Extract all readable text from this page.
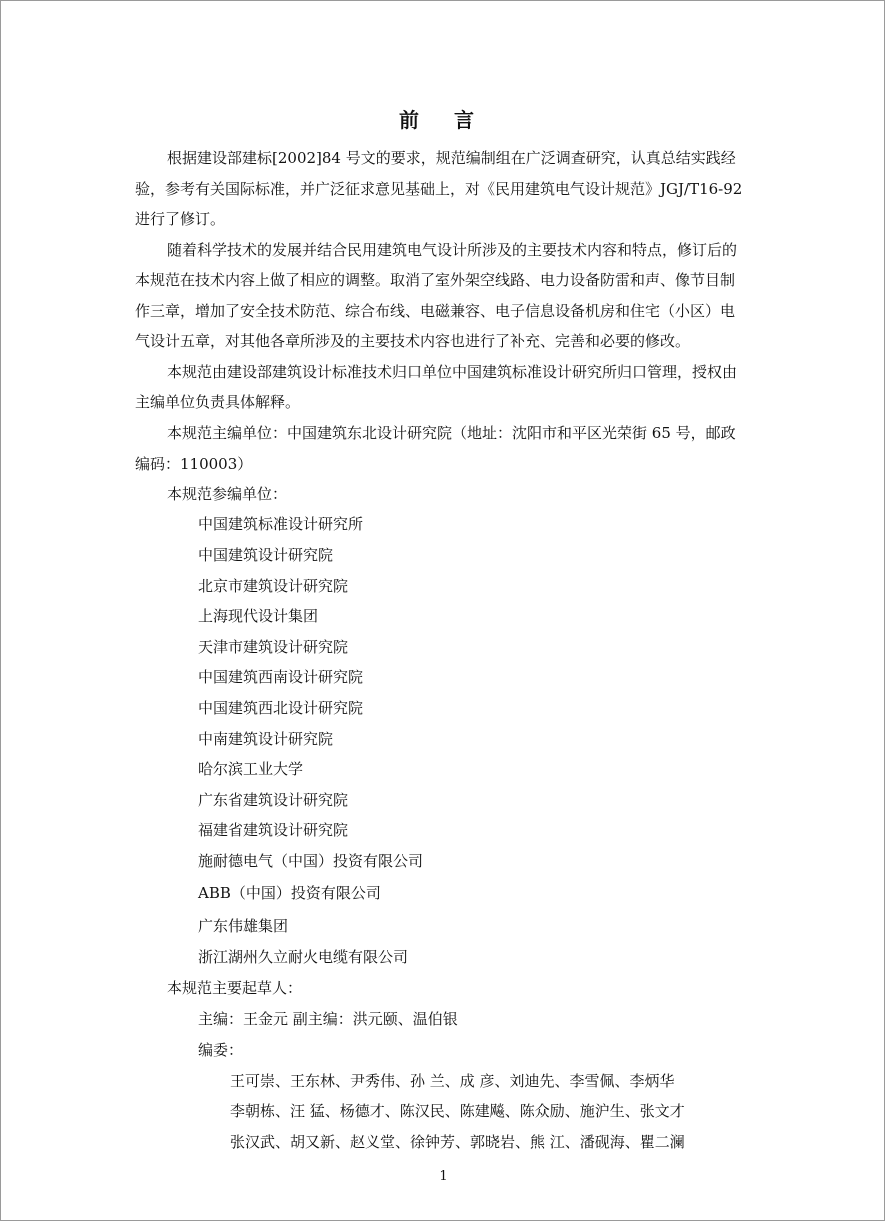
前 言
根据建设部建标[2002]84 号文的要求，规范编制组在广泛调查研究，认真总结实践经
验，参考有关国际标准，并广泛征求意见基础上，对《民用建筑电气设计规范》JGJ/T16-92
进行了修订。
随着科学技术的发展并结合民用建筑电气设计所涉及的主要技术内容和特点，修订后的
本规范在技术内容上做了相应的调整。取消了室外架空线路、电力设备防雷和声、像节目制
作三章，增加了安全技术防范、综合布线、电磁兼容、电子信息设备机房和住宅（小区）电
气设计五章，对其他各章所涉及的主要技术内容也进行了补充、完善和必要的修改。
本规范由建设部建筑设计标准技术归口单位中国建筑标准设计研究所归口管理，授权由
主编单位负责具体解释。
本规范主编单位：中国建筑东北设计研究院（地址：沈阳市和平区光荣街 65 号，邮政
编码：110003）
本规范参编单位：
中国建筑标准设计研究所
中国建筑设计研究院
北京市建筑设计研究院
上海现代设计集团
天津市建筑设计研究院
中国建筑西南设计研究院
中国建筑西北设计研究院
中南建筑设计研究院
哈尔滨工业大学
广东省建筑设计研究院
福建省建筑设计研究院
施耐德电气（中国）投资有限公司
ABB（中国）投资有限公司
广东伟雄集团
浙江湖州久立耐火电缆有限公司
本规范主要起草人：
主编：王金元 副主编：洪元颐、温伯银
编委：
王可崇、王东林、尹秀伟、孙 兰、成 彦、刘迪先、李雪佩、李炳华
李朝栋、汪 猛、杨德才、陈汉民、陈建飚、陈众励、施沪生、张文才
张汉武、胡又新、赵义堂、徐钟芳、郭晓岩、熊 江、潘砚海、瞿二澜
1
